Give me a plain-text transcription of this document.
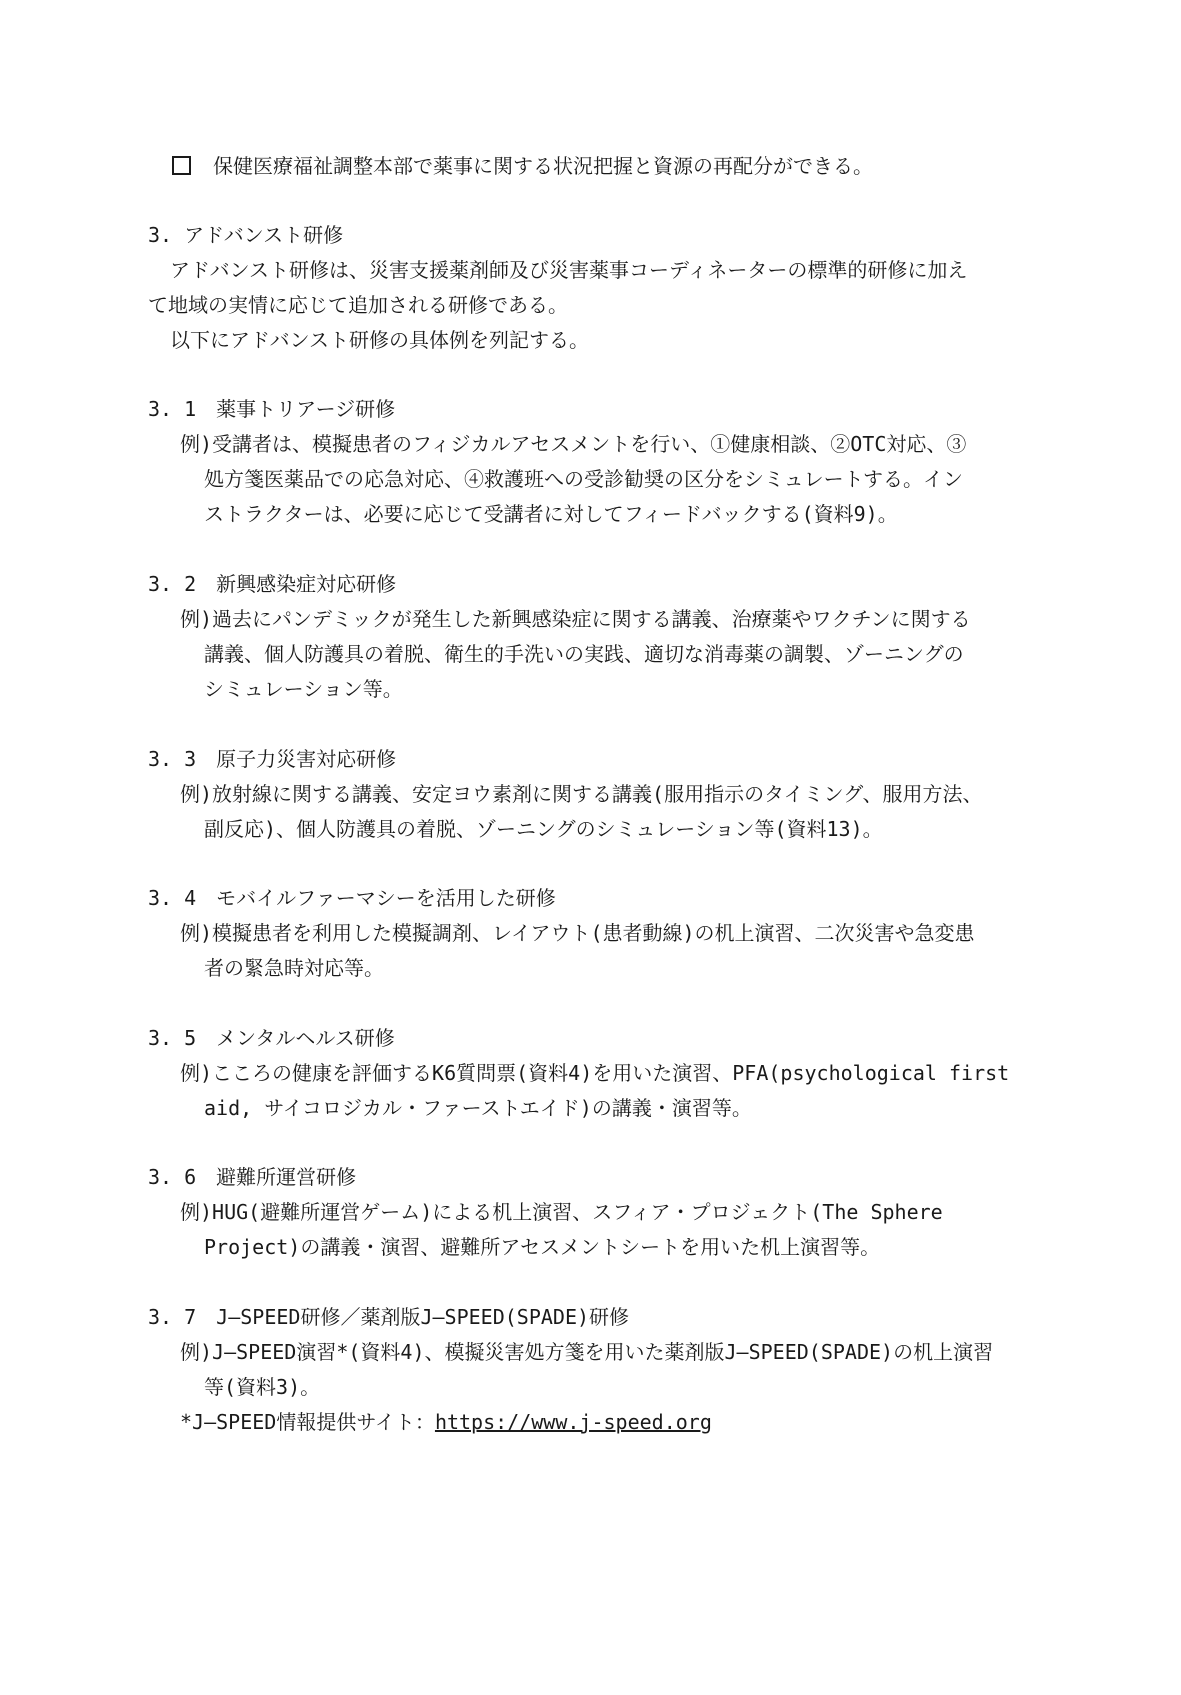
保健医療福祉調整本部で薬事に関する状況把握と資源の再配分ができる。
3. アドバンスト研修
アドバンスト研修は、災害支援薬剤師及び災害薬事コーディネーターの標準的研修に加え
て地域の実情に応じて追加される研修である。
以下にアドバンスト研修の具体例を列記する。
3. 1　薬事トリアージ研修
例)受講者は、模擬患者のフィジカルアセスメントを行い、①健康相談、②OTC対応、③
処方箋医薬品での応急対応、④救護班への受診勧奨の区分をシミュレートする。イン
ストラクターは、必要に応じて受講者に対してフィードバックする(資料9)。
3. 2　新興感染症対応研修
例)過去にパンデミックが発生した新興感染症に関する講義、治療薬やワクチンに関する
講義、個人防護具の着脱、衛生的手洗いの実践、適切な消毒薬の調製、ゾーニングの
シミュレーション等。
3. 3　原子力災害対応研修
例)放射線に関する講義、安定ヨウ素剤に関する講義(服用指示のタイミング、服用方法、
副反応)、個人防護具の着脱、ゾーニングのシミュレーション等(資料13)。
3. 4　モバイルファーマシーを活用した研修
例)模擬患者を利用した模擬調剤、レイアウト(患者動線)の机上演習、二次災害や急変患
者の緊急時対応等。
3. 5　メンタルヘルス研修
例)こころの健康を評価するK6質問票(資料4)を用いた演習、PFA(psychological first
aid, サイコロジカル・ファーストエイド)の講義・演習等。
3. 6　避難所運営研修
例)HUG(避難所運営ゲーム)による机上演習、スフィア・プロジェクト(The Sphere
Project)の講義・演習、避難所アセスメントシートを用いた机上演習等。
3. 7　J—SPEED研修／薬剤版J—SPEED(SPADE)研修
例)J—SPEED演習*(資料4)、模擬災害処方箋を用いた薬剤版J—SPEED(SPADE)の机上演習
等(資料3)。
*J—SPEED情報提供サイト：https://www.j-speed.org
